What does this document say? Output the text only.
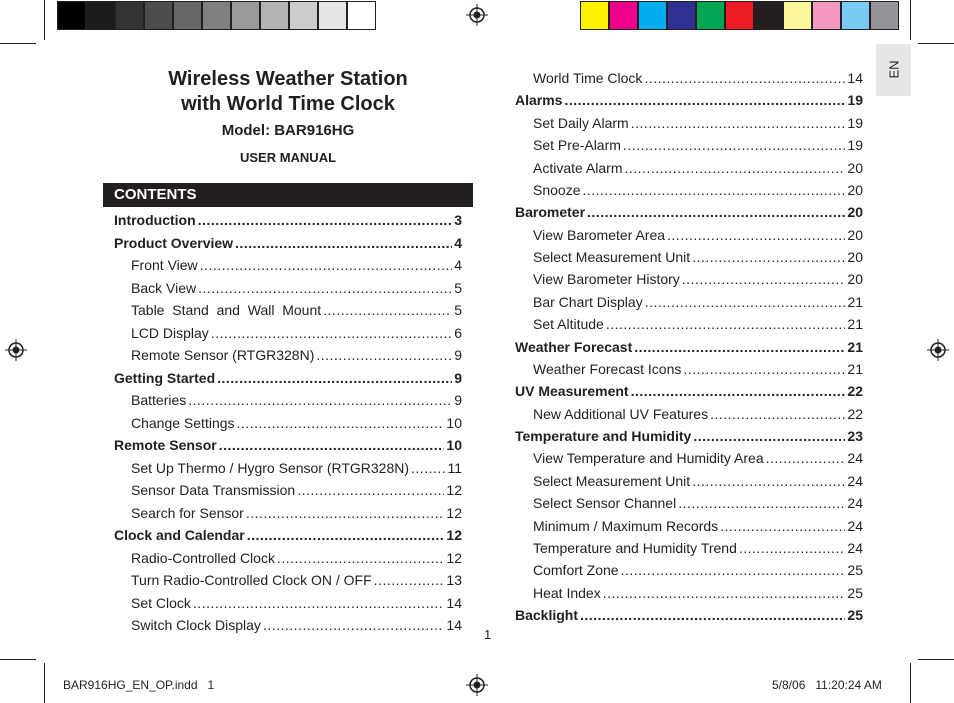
EN
Wireless Weather Station
with World Time Clock
Model: BAR916HG
USER MANUAL
CONTENTS
Introduction .....	3
Product Overview .....	4
Front View .....	4
Back View .....	5
Table  Stand  and  Wall  Mount .....	5
LCD Display .....	6
Remote Sensor (RTGR328N) .....	9
Getting Started .....	9
Batteries .....	9
Change Settings .....	10
Remote Sensor .....	10
Set Up Thermo / Hygro Sensor (RTGR328N) .....	11
Sensor Data Transmission .....	12
Search for Sensor .....	12
Clock and Calendar .....	12
Radio-Controlled Clock .....	12
Turn Radio-Controlled Clock ON / OFF .....	13
Set Clock .....	14
Switch Clock Display .....	14
World Time Clock .....	14
Alarms .....	19
Set Daily Alarm .....	19
Set Pre-Alarm .....	19
Activate Alarm .....	20
Snooze .....	20
Barometer .....	20
View Barometer Area .....	20
Select Measurement Unit .....	20
View Barometer History .....	20
Bar Chart Display .....	21
Set Altitude .....	21
Weather Forecast .....	21
Weather Forecast Icons .....	21
UV Measurement .....	22
New Additional UV Features .....	22
Temperature and Humidity .....	23
View Temperature and Humidity Area .....	24
Select Measurement Unit .....	24
Select Sensor Channel .....	24
Minimum / Maximum Records .....	24
Temperature and Humidity Trend .....	24
Comfort Zone .....	25
Heat Index .....	25
Backlight .....	25
1
BAR916HG_EN_OP.indd   1	5/8/06   11:20:24 AM
